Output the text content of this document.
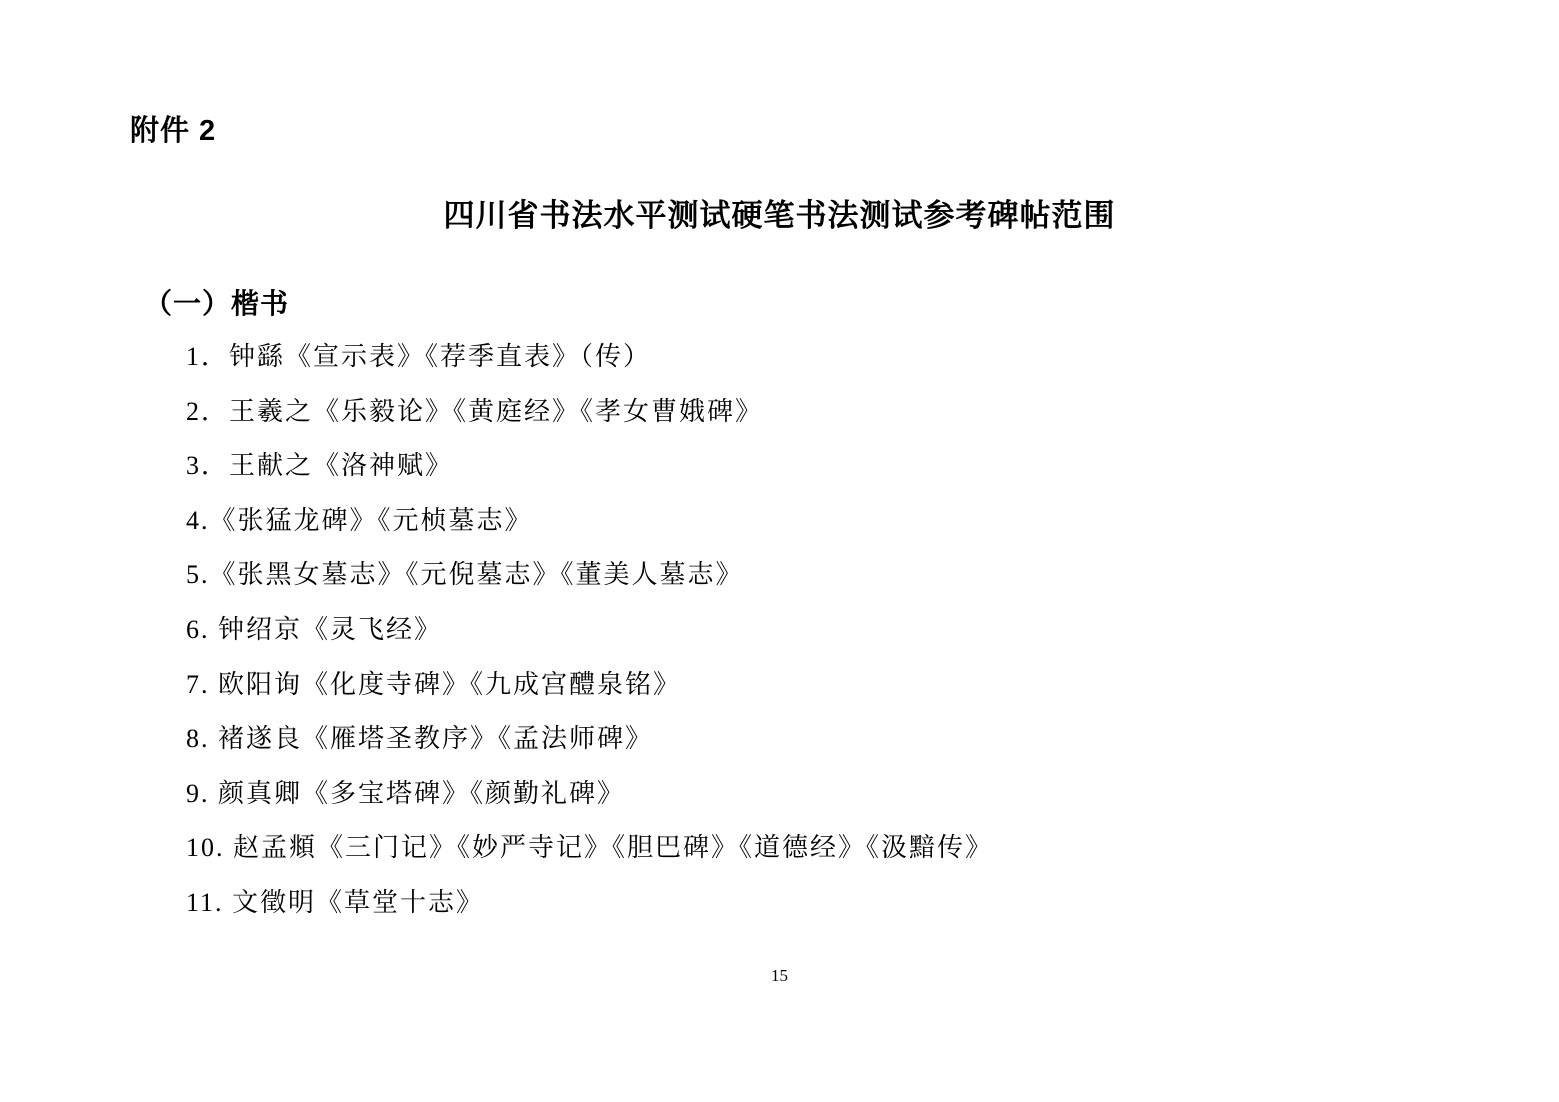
附件 2
四川省书法水平测试硬笔书法测试参考碑帖范围
（一）楷书
1．钟繇《宣示表》《荐季直表》（传）
2．王羲之《乐毅论》《黄庭经》《孝女曹娥碑》
3．王献之《洛神赋》
4.《张猛龙碑》《元桢墓志》
5.《张黑女墓志》《元倪墓志》《董美人墓志》
6. 钟绍京《灵飞经》
7. 欧阳询《化度寺碑》《九成宫醴泉铭》
8. 褚遂良《雁塔圣教序》《孟法师碑》
9. 颜真卿《多宝塔碑》《颜勤礼碑》
10. 赵孟頫《三门记》《妙严寺记》《胆巴碑》《道德经》《汲黯传》
11. 文徵明《草堂十志》
15
